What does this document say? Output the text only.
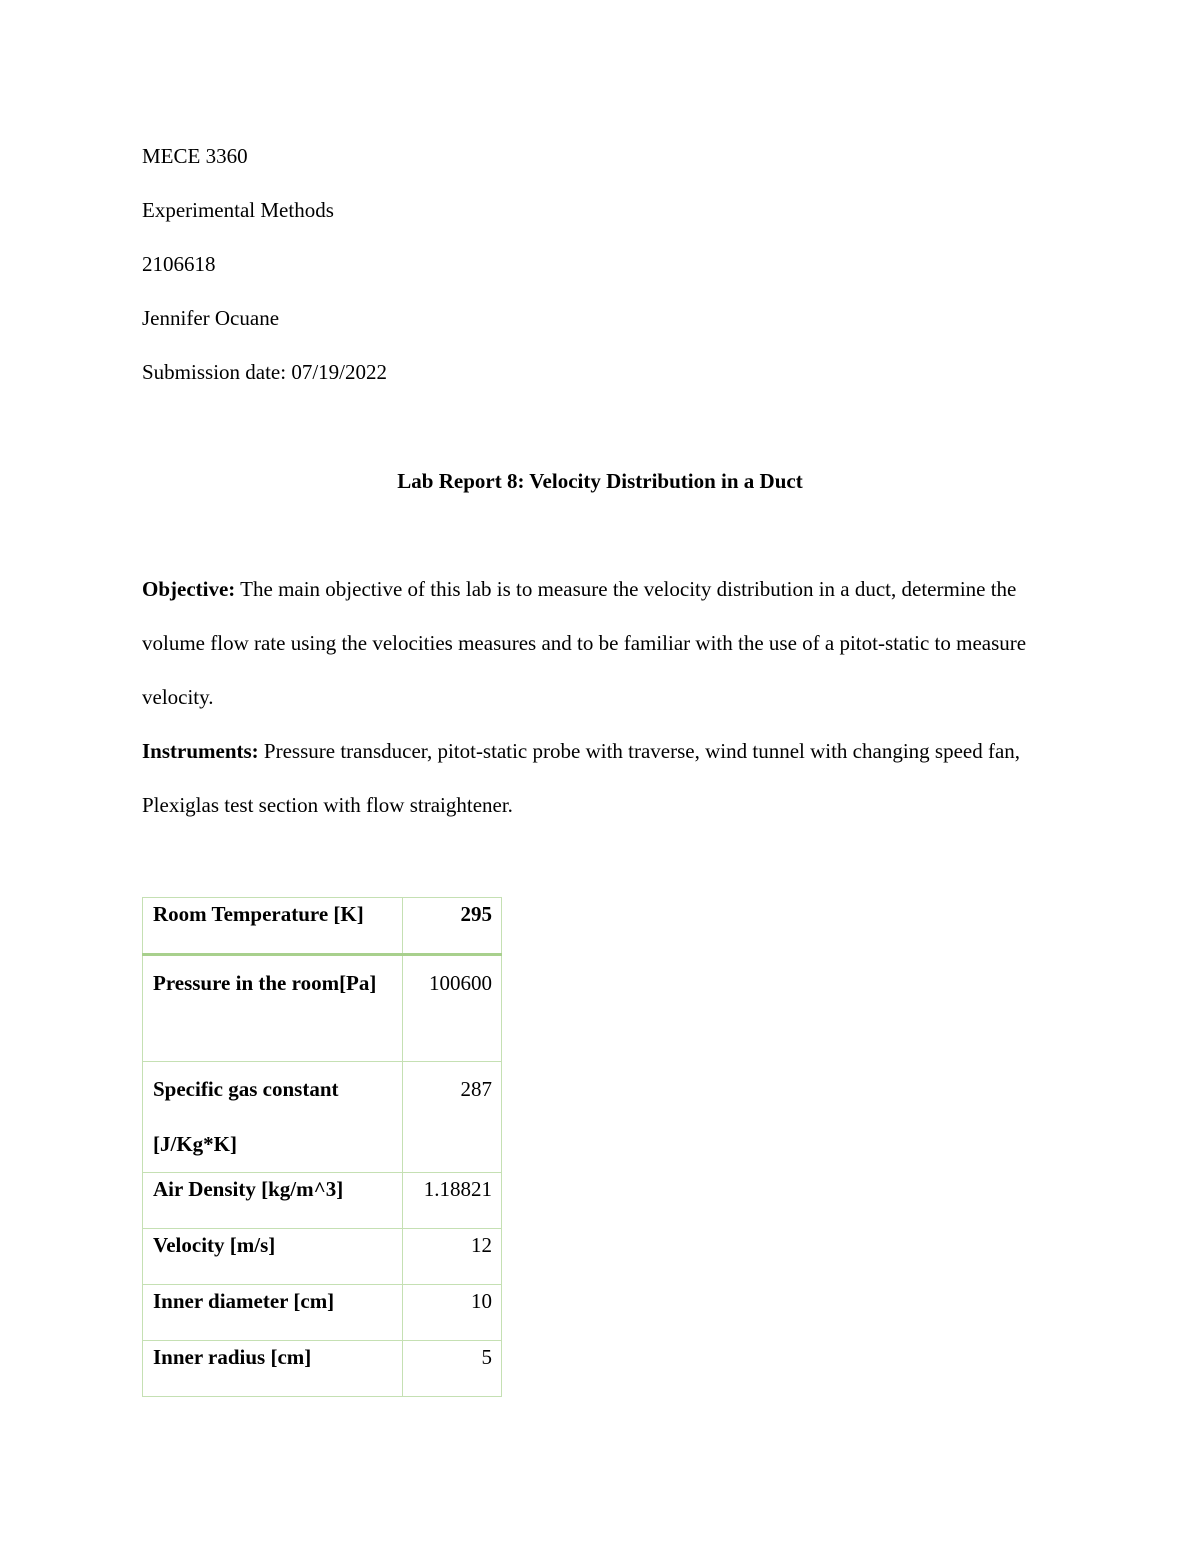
MECE 3360
Experimental Methods
2106618
Jennifer Ocuane
Submission date: 07/19/2022
Lab Report 8: Velocity Distribution in a Duct
Objective: The main objective of this lab is to measure the velocity distribution in a duct, determine the volume flow rate using the velocities measures and to be familiar with the use of a pitot-static to measure velocity.
Instruments: Pressure transducer, pitot-static probe with traverse, wind tunnel with changing speed fan, Plexiglas test section with flow straightener.
Room Temperature [K]	295
Pressure in the room[Pa]	100600
Specific gas constant [J/Kg*K]	287
Air Density [kg/m^3]	1.18821
Velocity [m/s]	12
Inner diameter [cm]	10
Inner radius [cm]	5
